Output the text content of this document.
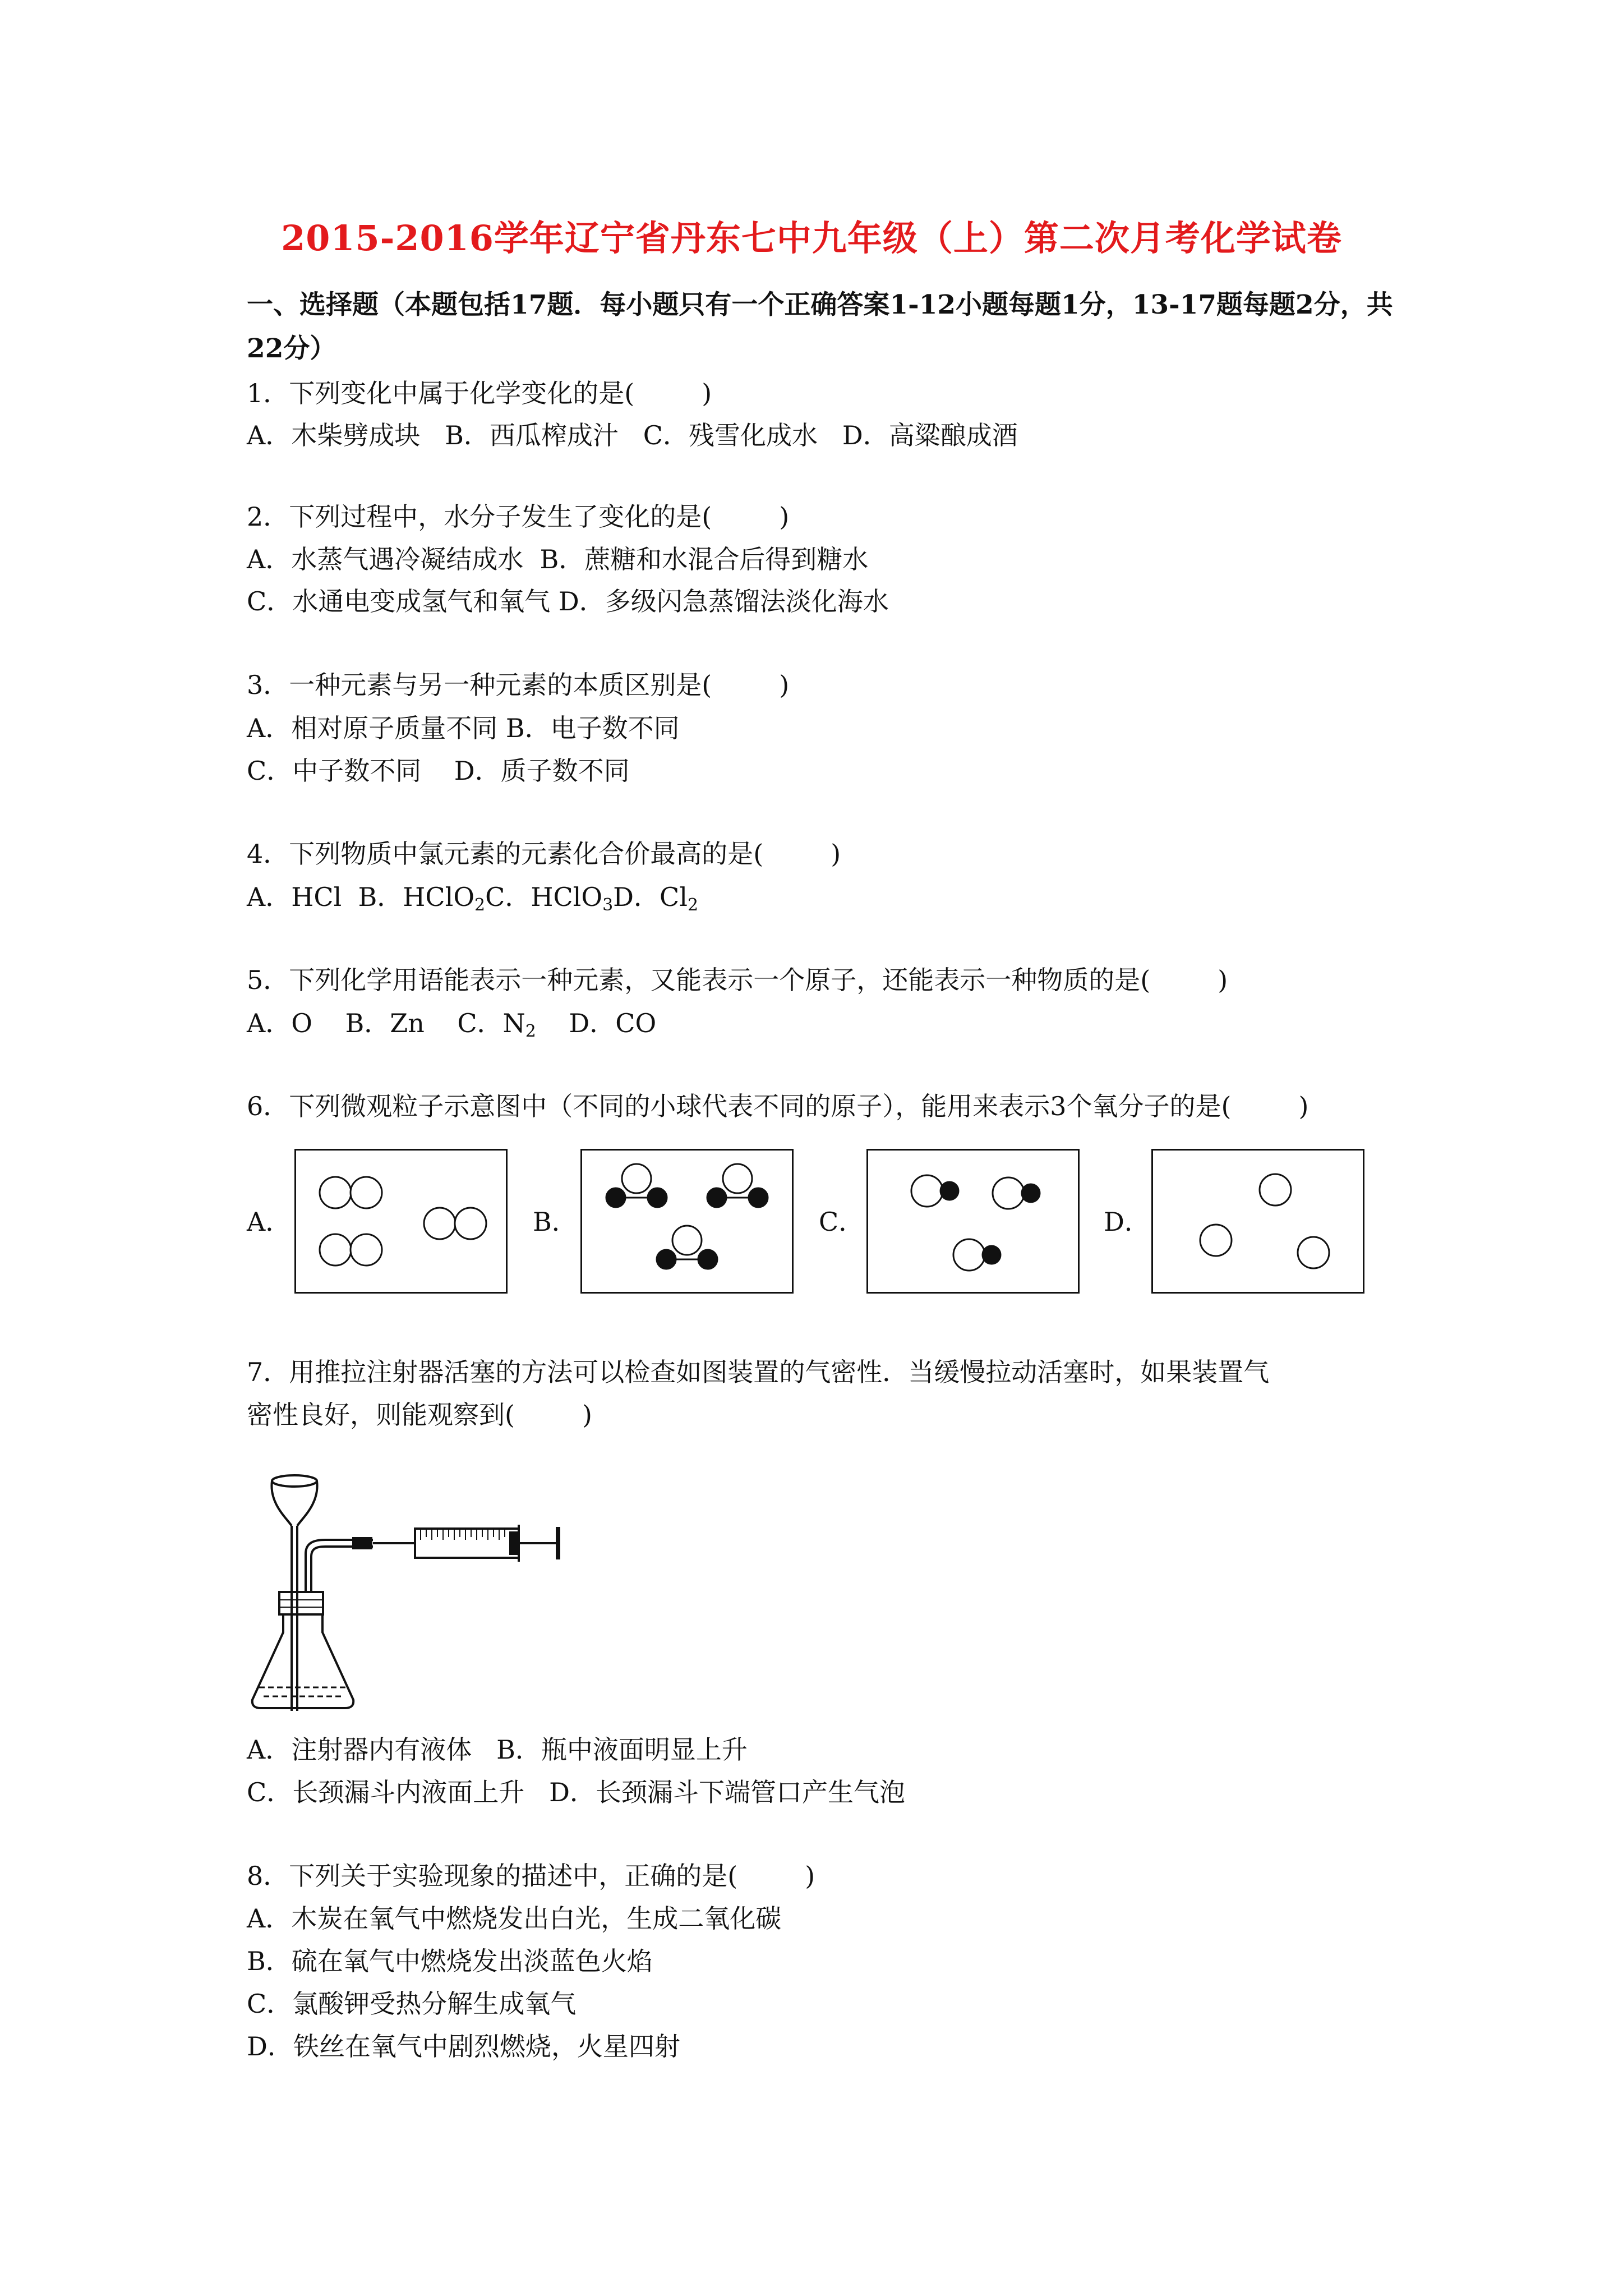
2015-2016学年辽宁省丹东七中九年级（上）第二次月考化学试卷
一、选择题（本题包括17题．每小题只有一个正确答案1-12小题每题1分，13-17题每题2分，共22分）
1．下列变化中属于化学变化的是(	)
A．木柴劈成块 B．西瓜榨成汁 C．残雪化成水 D．高粱酿成酒
2．下列过程中，水分子发生了变化的是(	)
A．水蒸气遇冷凝结成水 B．蔗糖和水混合后得到糖水
C．水通电变成氢气和氧气 D．多级闪急蒸馏法淡化海水
3．一种元素与另一种元素的本质区别是(	)
A．相对原子质量不同 B．电子数不同
C．中子数不同 D．质子数不同
4．下列物质中氯元素的元素化合价最高的是(	)
A．HCl B．HClO$_2$C．HClO$_3$D．$Cl_2$
5．下列化学用语能表示一种元素，又能表示一个原子，还能表示一种物质的是(	)
A．O B．Zn C．$N_2$ D．CO
6．下列微观粒子示意图中（不同的小球代表不同的原子），能用来表示3个氧分子的是(	)
A．	B．	C．	D．
7．用推拉注射器活塞的方法可以检查如图装置的气密性．当缓慢拉动活塞时，如果装置气
密性良好，则能观察到(	)
A．注射器内有液体 B．瓶中液面明显上升
C．长颈漏斗内液面上升 D．长颈漏斗下端管口产生气泡
8．下列关于实验现象的描述中，正确的是(	)
A．木炭在氧气中燃烧发出白光，生成二氧化碳
B．硫在氧气中燃烧发出淡蓝色火焰
C．氯酸钾受热分解生成氧气
D．铁丝在氧气中剧烈燃烧，火星四射
